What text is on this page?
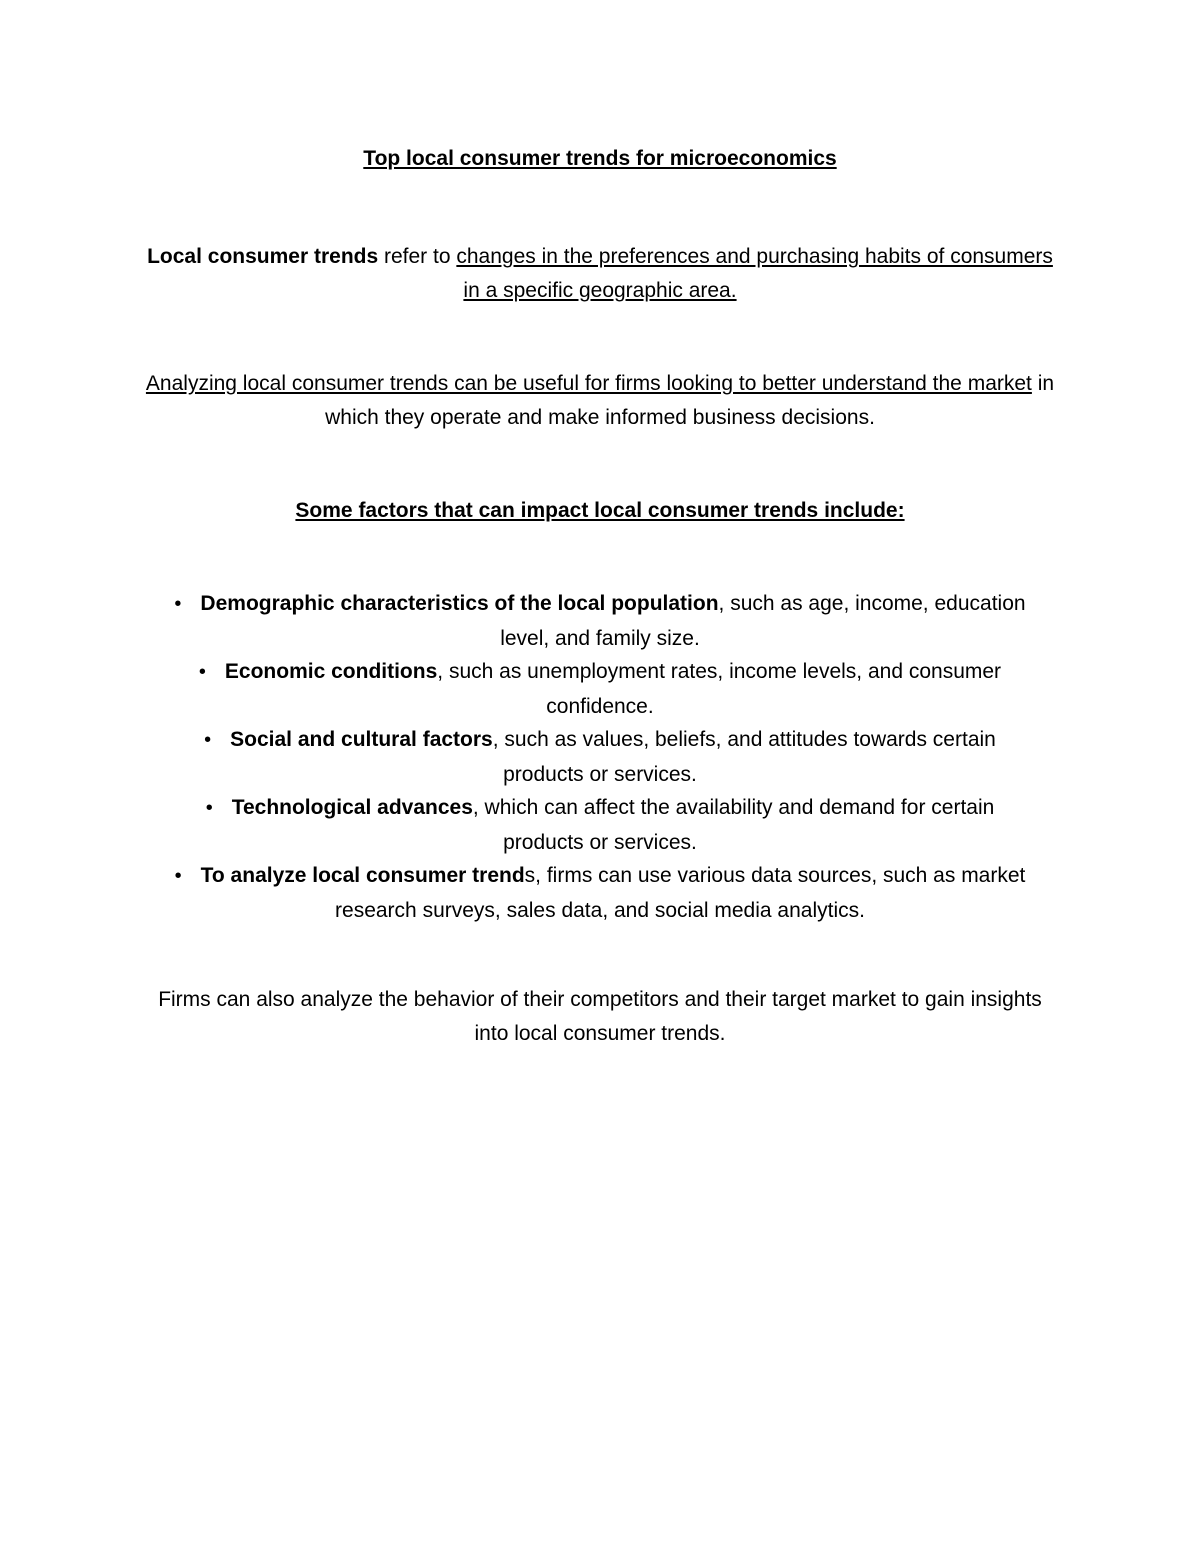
Top local consumer trends for microeconomics
Local consumer trends refer to changes in the preferences and purchasing habits of consumers in a specific geographic area.
Analyzing local consumer trends can be useful for firms looking to better understand the market in which they operate and make informed business decisions.
Some factors that can impact local consumer trends include:
• Demographic characteristics of the local population, such as age, income, education level, and family size.
• Economic conditions, such as unemployment rates, income levels, and consumer confidence.
• Social and cultural factors, such as values, beliefs, and attitudes towards certain products or services.
• Technological advances, which can affect the availability and demand for certain products or services.
• To analyze local consumer trends, firms can use various data sources, such as market research surveys, sales data, and social media analytics.
Firms can also analyze the behavior of their competitors and their target market to gain insights into local consumer trends.
